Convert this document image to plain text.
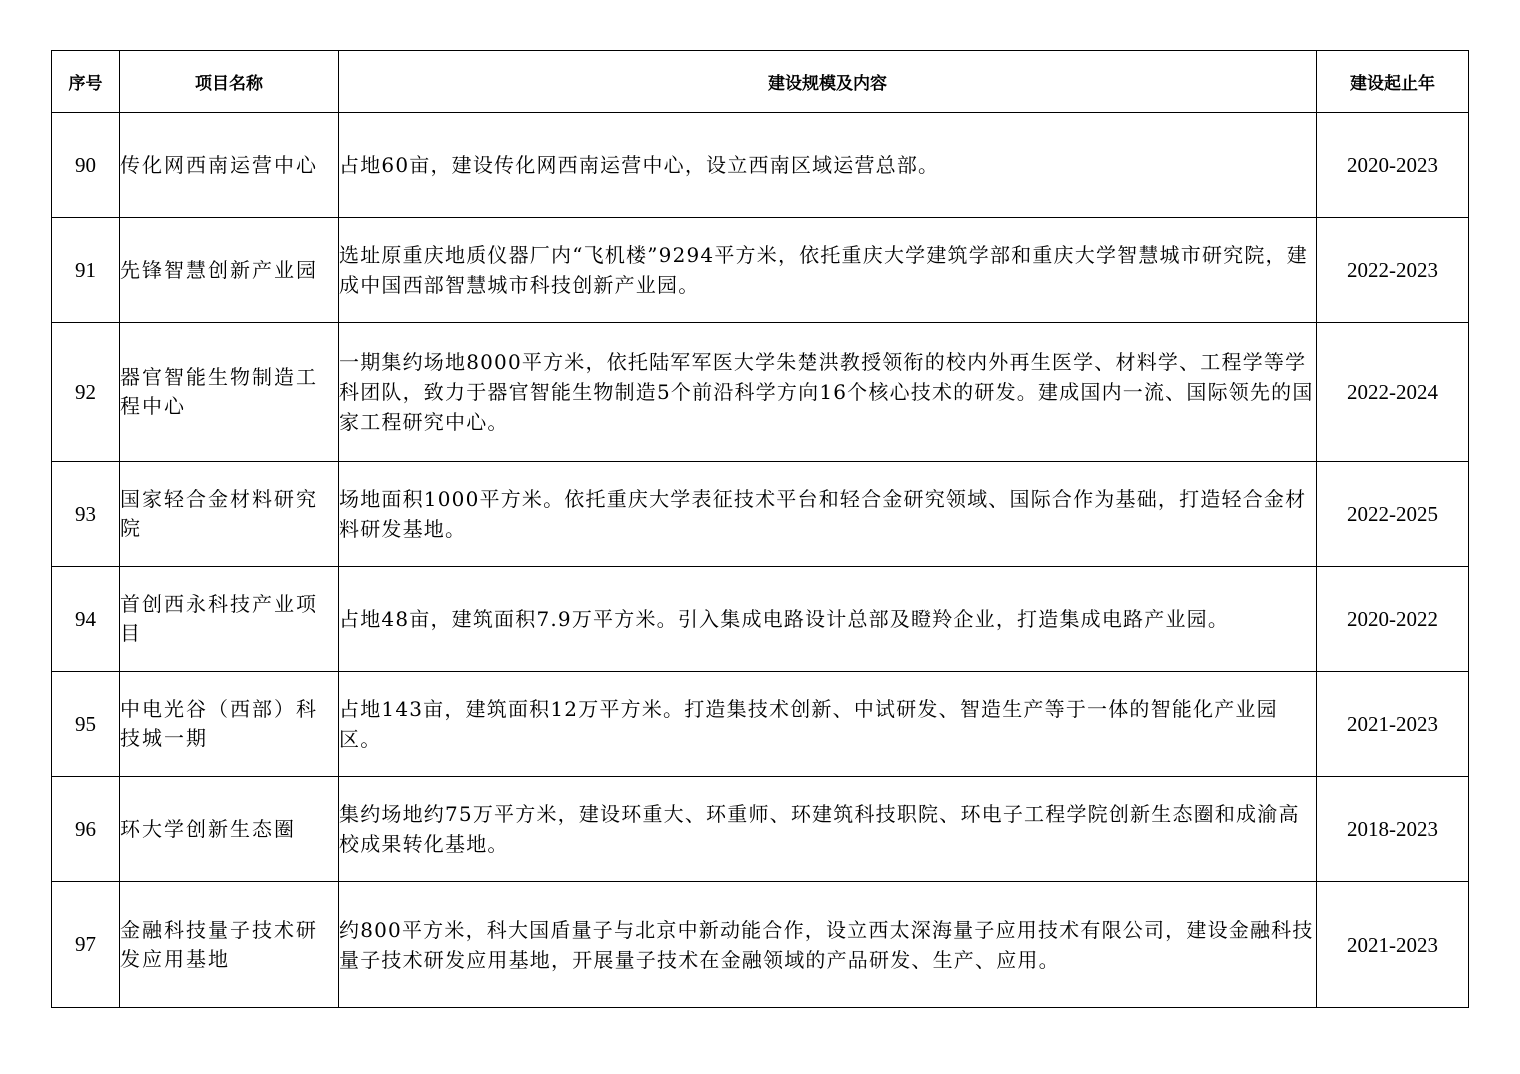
序号	项目名称	建设规模及内容	建设起止年
90	传化网西南运营中心	占地60亩，建设传化网西南运营中心，设立西南区域运营总部。	2020-2023
91	先锋智慧创新产业园	选址原重庆地质仪器厂内“飞机楼”9294平方米，依托重庆大学建筑学部和重庆大学智慧城市研究院，建成中国西部智慧城市科技创新产业园。	2022-2023
92	器官智能生物制造工程中心	一期集约场地8000平方米，依托陆军军医大学朱楚洪教授领衔的校内外再生医学、材料学、工程学等学科团队，致力于器官智能生物制造5个前沿科学方向16个核心技术的研发。建成国内一流、国际领先的国家工程研究中心。	2022-2024
93	国家轻合金材料研究院	场地面积1000平方米。依托重庆大学表征技术平台和轻合金研究领域、国际合作为基础，打造轻合金材料研发基地。	2022-2025
94	首创西永科技产业项目	占地48亩，建筑面积7.9万平方米。引入集成电路设计总部及瞪羚企业，打造集成电路产业园。	2020-2022
95	中电光谷（西部）科技城一期	占地143亩，建筑面积12万平方米。打造集技术创新、中试研发、智造生产等于一体的智能化产业园区。	2021-2023
96	环大学创新生态圈	集约场地约75万平方米，建设环重大、环重师、环建筑科技职院、环电子工程学院创新生态圈和成渝高校成果转化基地。	2018-2023
97	金融科技量子技术研发应用基地	约800平方米，科大国盾量子与北京中新动能合作，设立西太深海量子应用技术有限公司，建设金融科技量子技术研发应用基地，开展量子技术在金融领域的产品研发、生产、应用。	2021-2023
